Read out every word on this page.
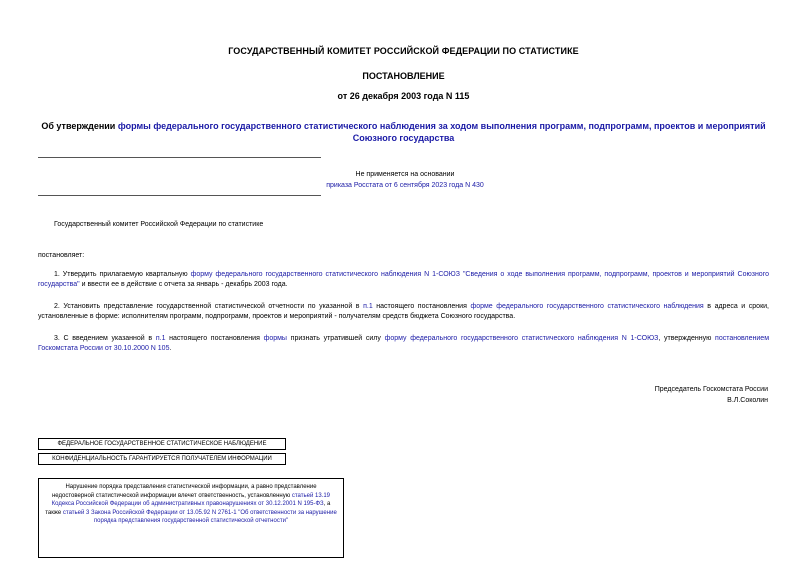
ГОСУДАРСТВЕННЫЙ КОМИТЕТ РОССИЙСКОЙ ФЕДЕРАЦИИ ПО СТАТИСТИКЕ
ПОСТАНОВЛЕНИЕ
от 26 декабря 2003 года N 115
Об утверждении формы федерального государственного статистического наблюдения за ходом выполнения программ, подпрограмм, проектов и мероприятий Союзного государства
Не применяется на основании
приказа Росстата от 6 сентября 2023 года N 430
Государственный комитет Российской Федерации по статистике
постановляет:
1. Утвердить прилагаемую квартальную форму федерального государственного статистического наблюдения N 1-СОЮЗ "Сведения о ходе выполнения программ, подпрограмм, проектов и мероприятий Союзного государства" и ввести ее в действие с отчета за январь - декабрь 2003 года.
2. Установить представление государственной статистической отчетности по указанной в п.1 настоящего постановления форме федерального государственного статистического наблюдения в адреса и сроки, установленные в форме: исполнителям программ, подпрограмм, проектов и мероприятий - получателям средств бюджета Союзного государства.
3. С введением указанной в п.1 настоящего постановления формы признать утратившей силу форму федерального государственного статистического наблюдения N 1-СОЮЗ, утвержденную постановлением Госкомстата России от 30.10.2000 N 105.
Председатель Госкомстата России
В.Л.Соколин
ФЕДЕРАЛЬНОЕ ГОСУДАРСТВЕННОЕ СТАТИСТИЧЕСКОЕ НАБЛЮДЕНИЕ
КОНФИДЕНЦИАЛЬНОСТЬ ГАРАНТИРУЕТСЯ ПОЛУЧАТЕЛЕМ ИНФОРМАЦИИ
Нарушение порядка представления статистической информации, а равно представление недостоверной статистической информации влечет ответственность, установленную статьей 13.19 Кодекса Российской Федерации об административных правонарушениях от 30.12.2001 N 195-ФЗ, а также статьей 3 Закона Российской Федерации от 13.05.92 N 2761-1 "Об ответственности за нарушение порядка представления государственной статистической отчетности"
